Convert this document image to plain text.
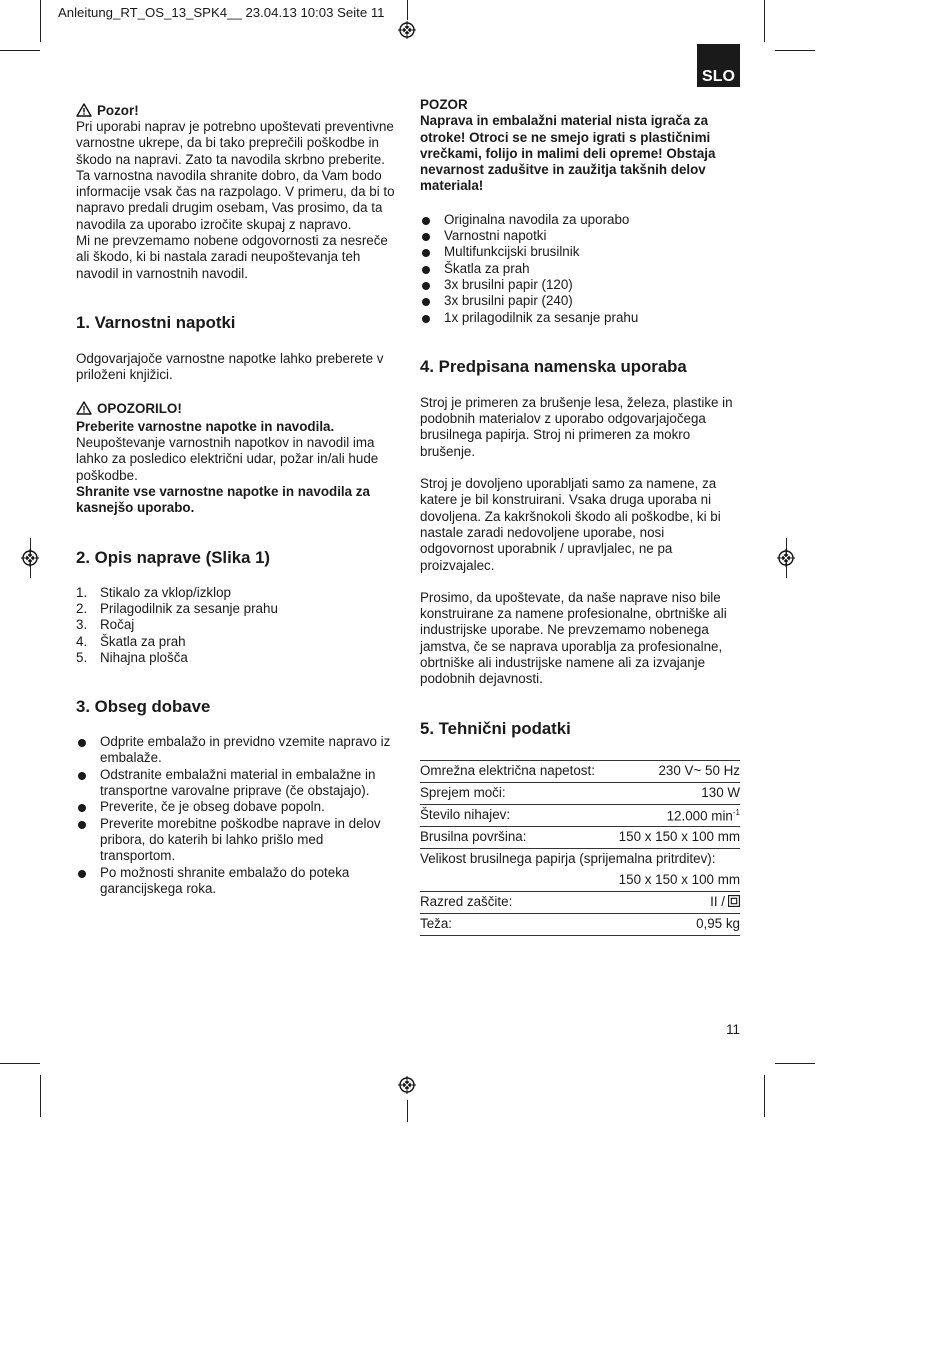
Anleitung_RT_OS_13_SPK4__ 23.04.13 10:03 Seite 11
SLO
Pozor!

Pri uporabi naprav je potrebno upoštevati preventivne varnostne ukrepe, da bi tako preprečili poškodbe in škodo na napravi. Zato ta navodila skrbno preberite. Ta varnostna navodila shranite dobro, da Vam bodo informacije vsak čas na razpolago. V primeru, da bi to napravo predali drugim osebam, Vas prosimo, da ta navodila za uporabo izročite skupaj z napravo.

Mi ne prevzemamo nobene odgovornosti za nesreče ali škodo, ki bi nastala zaradi neupoštevanja teh navodil in varnostnih navodil.

1. Varnostni napotki

Odgovarjajoče varnostne napotke lahko preberete v priloženi knjižici.

OPOZORILO!

Preberite varnostne napotke in navodila.

Neupoštevanje varnostnih napotkov in navodil ima lahko za posledico električni udar, požar in/ali hude poškodbe.

Shranite vse varnostne napotke in navodila za kasnejšo uporabo.

2. Opis naprave (Slika 1)
1. Stikalo za vklop/izklop
2. Prilagodilnik za sesanje prahu
3. Ročaj
4. Škatla za prah
5. Nihajna plošča
3. Obseg dobave
Odprite embalažo in previdno vzemite napravo iz embalaže.
Odstranite embalažni material in embalažne in transportne varovalne priprave (če obstajajo).
Preverite, če je obseg dobave popoln.
Preverite morebitne poškodbe naprave in delov pribora, do katerih bi lahko prišlo med transportom.
Po možnosti shranite embalažo do poteka garancijskega roka.
POZOR

Naprava in embalažni material nista igrača za otroke! Otroci se ne smejo igrati s plastičnimi vrečkami, folijo in malimi deli opreme! Obstaja nevarnost zadušitve in zaužitja takšnih delov materiala!

Originalna navodila za uporabo
Varnostni napotki
Multifunkcijski brusilnik
Škatla za prah
3x brusilni papir (120)
3x brusilni papir (240)
1x prilagodilnik za sesanje prahu
4. Predpisana namenska uporaba

Stroj je primeren za brušenje lesa, železa, plastike in podobnih materialov z uporabo odgovarjajočega brusilnega papirja. Stroj ni primeren za mokro brušenje.

Stroj je dovoljeno uporabljati samo za namene, za katere je bil konstruirani. Vsaka druga uporaba ni dovoljena. Za kakršnokoli škodo ali poškodbe, ki bi nastale zaradi nedovoljene uporabe, nosi odgovornost uporabnik / upravljalec, ne pa proizvajalec.

Prosimo, da upoštevate, da naše naprave niso bile konstruirane za namene profesionalne, obrtniške ali industrijske uporabe. Ne prevzemamo nobenega jamstva, če se naprava uporablja za profesionalne, obrtniške ali industrijske namene ali za izvajanje podobnih dejavnosti.

5. Tehnični podatki
Omrežna električna napetost:	230 V~ 50 Hz
Sprejem moči:	130 W
Število nihajev:	12.000 $\min^{-1}$
Brusilna površina:	150 x 150 x 100 mm
Velikost brusilnega papirja (sprijemalna pritrditev):	
	150 x 150 x 100 mm
Razred zaščite:	II /
Teža:	0,95 kg
11
